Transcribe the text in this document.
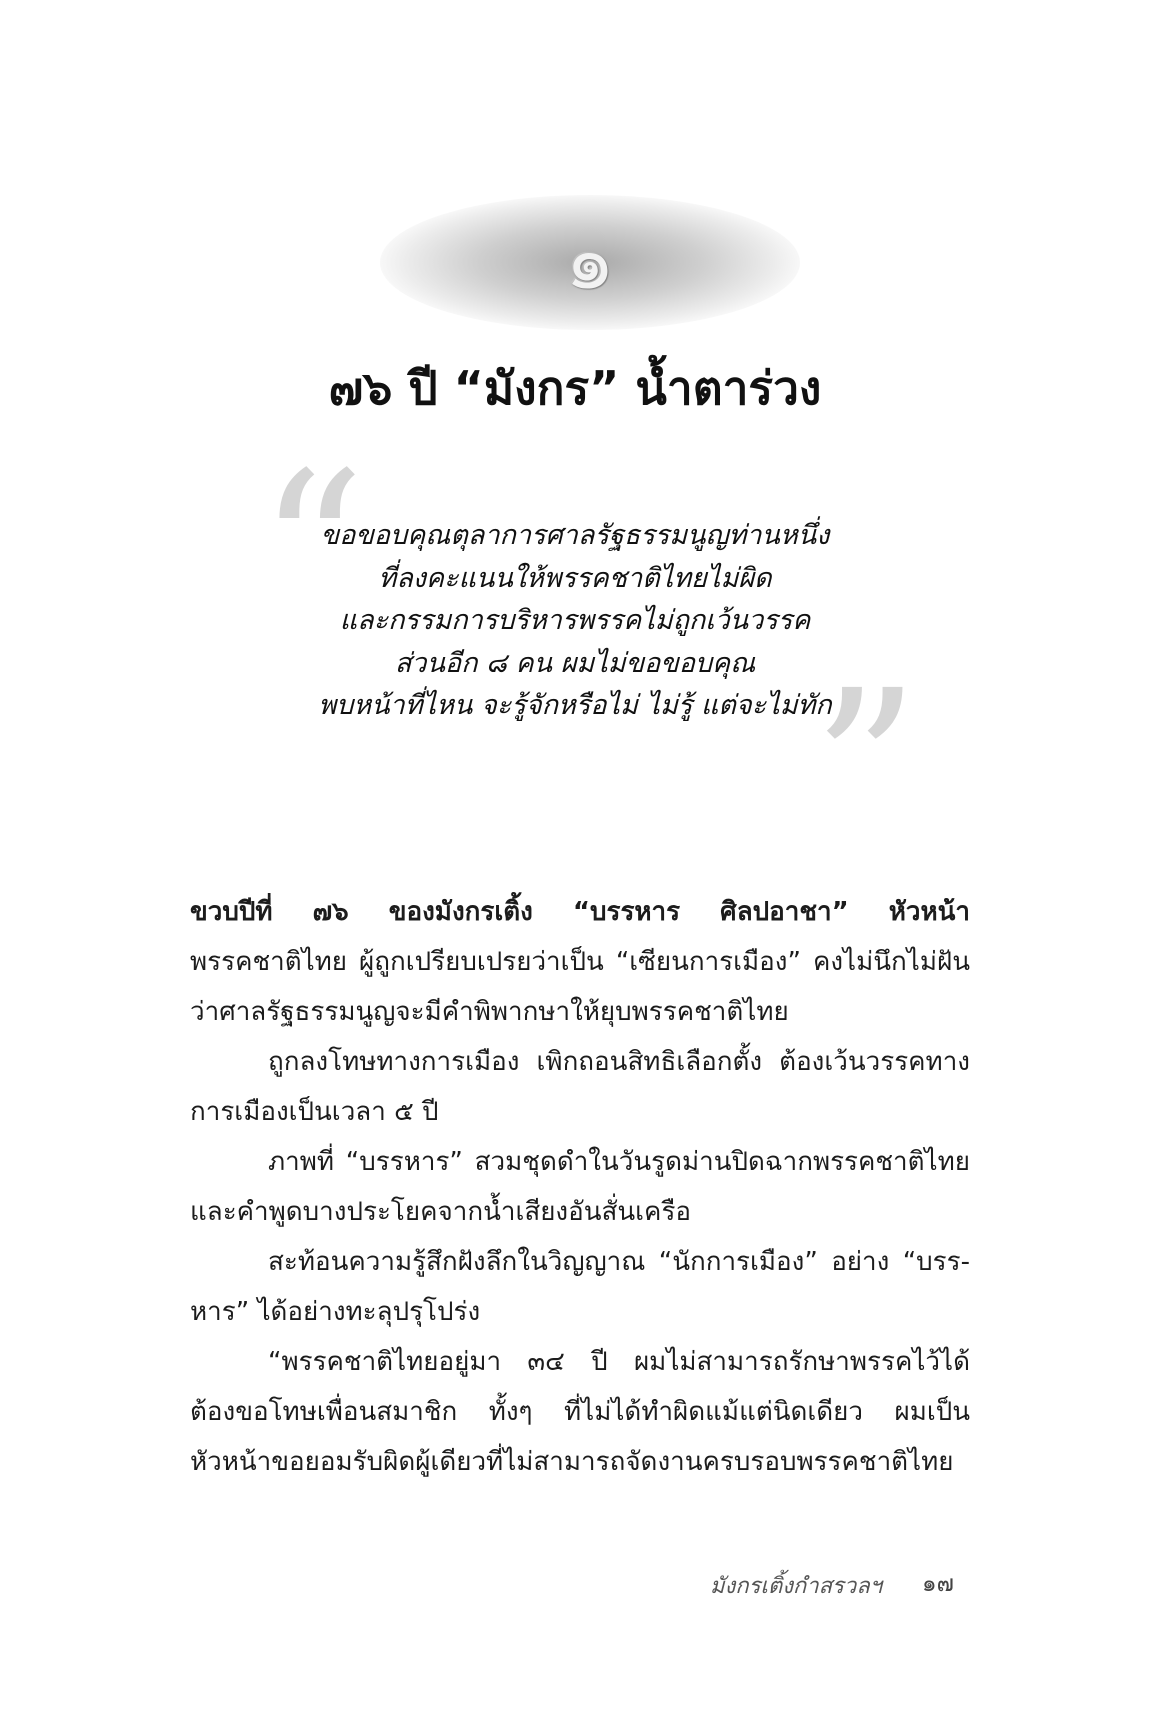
๑
๗๖ ปี “มังกร” น้ำตาร่วง
“
”
ขอขอบคุณตุลาการศาลรัฐธรรมนูญท่านหนึ่ง
ที่ลงคะแนนให้พรรคชาติไทยไม่ผิด
และกรรมการบริหารพรรคไม่ถูกเว้นวรรค
ส่วนอีก ๘ คน ผมไม่ขอขอบคุณ
พบหน้าที่ไหน จะรู้จักหรือไม่ ไม่รู้ แต่จะไม่ทัก
ขวบปีที่ ๗๖ ของมังกรเติ้ง “บรรหาร ศิลปอาชา” หัวหน้า
พรรคชาติไทย ผู้ถูกเปรียบเปรยว่าเป็น “เซียนการเมือง” คงไม่นึกไม่ฝัน
ว่าศาลรัฐธรรมนูญจะมีคำพิพากษาให้ยุบพรรคชาติไทย
ถูกลงโทษทางการเมือง เพิกถอนสิทธิเลือกตั้ง ต้องเว้นวรรคทาง
การเมืองเป็นเวลา ๕ ปี
ภาพที่ “บรรหาร” สวมชุดดำในวันรูดม่านปิดฉากพรรคชาติไทย
และคำพูดบางประโยคจากน้ำเสียงอันสั่นเครือ
สะท้อนความรู้สึกฝังลึกในวิญญาณ “นักการเมือง” อย่าง “บรร-
หาร” ได้อย่างทะลุปรุโปร่ง
“พรรคชาติไทยอยู่มา ๓๔ ปี ผมไม่สามารถรักษาพรรคไว้ได้
ต้องขอโทษเพื่อนสมาชิก ทั้งๆ ที่ไม่ได้ทำผิดแม้แต่นิดเดียว ผมเป็น
หัวหน้าขอยอมรับผิดผู้เดียวที่ไม่สามารถจัดงานครบรอบพรรคชาติไทย
มังกรเติ้งกำสรวลฯ ๑๗
